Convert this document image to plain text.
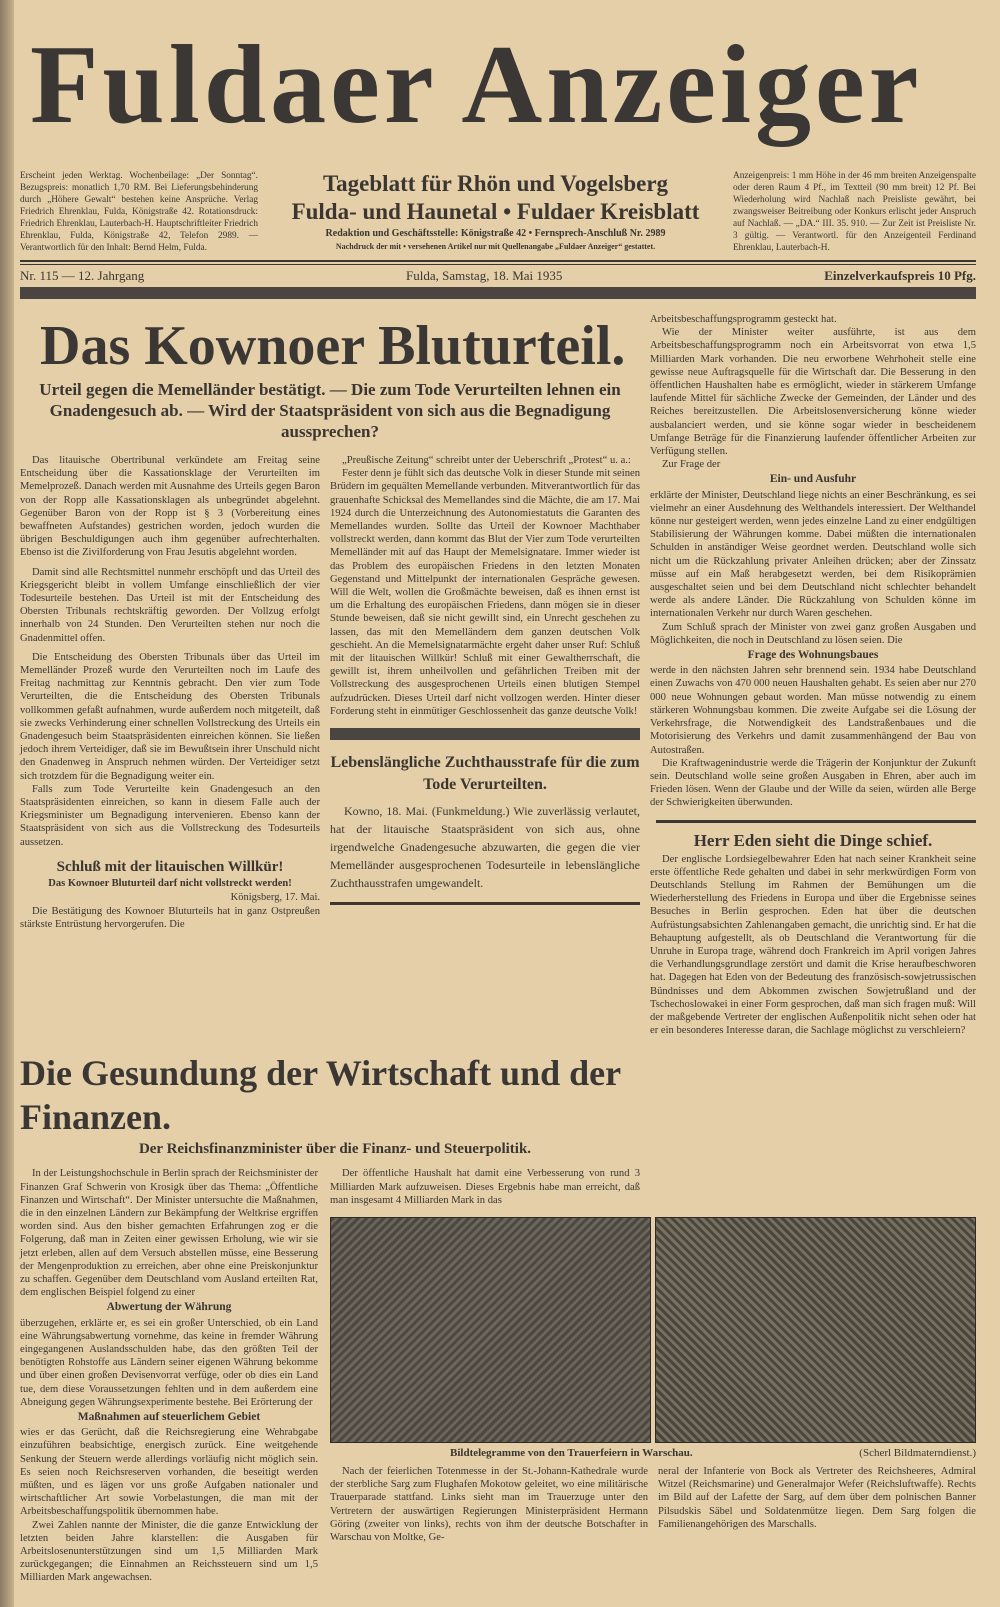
Fuldaer Anzeiger
Erscheint jeden Werktag. Wochenbeilage: „Der Sonntag“. Bezugspreis: monatlich 1,70 RM. Bei Lieferungsbehinderung durch „Höhere Gewalt“ bestehen keine Ansprüche. Verlag Friedrich Ehrenklau, Fulda, Königstraße 42. Rotationsdruck: Friedrich Ehrenklau, Lauterbach-H. Hauptschriftleiter Friedrich Ehrenklau, Fulda, Königstraße 42, Telefon 2989. — Verantwortlich für den Inhalt: Bernd Helm, Fulda.
Tageblatt für Rhön und Vogelsberg
Fulda- und Haunetal • Fuldaer Kreisblatt
Redaktion und Geschäftsstelle: Königstraße 42 • Fernsprech-Anschluß Nr. 2989
Nachdruck der mit • versehenen Artikel nur mit Quellenangabe „Fuldaer Anzeiger“ gestattet.
Anzeigenpreis: 1 mm Höhe in der 46 mm breiten Anzeigenspalte oder deren Raum 4 Pf., im Textteil (90 mm breit) 12 Pf. Bei Wiederholung wird Nachlaß nach Preisliste gewährt, bei zwangsweiser Beitreibung oder Konkurs erlischt jeder Anspruch auf Nachlaß. — „DA.“ III. 35. 910. — Zur Zeit ist Preisliste Nr. 3 gültig. — Verantwortl. für den Anzeigenteil Ferdinand Ehrenklau, Lauterbach-H.
Nr. 115 — 12. Jahrgang	Fulda, Samstag, 18. Mai 1935	Einzelverkaufspreis 10 Pfg.
Das Kownoer Bluturteil.
Urteil gegen die Memelländer bestätigt. — Die zum Tode Verurteilten lehnen ein Gnadengesuch ab. — Wird der Staatspräsident von sich aus die Begnadigung aussprechen?

Das litauische Obertribunal verkündete am Freitag seine Entscheidung über die Kassationsklage der Verurteilten im Memelprozeß. Danach werden mit Ausnahme des Urteils gegen Baron von der Ropp alle Kassationsklagen als unbegründet abgelehnt. Gegenüber Baron von der Ropp ist § 3 (Vorbereitung eines bewaffneten Aufstandes) gestrichen worden, jedoch wurden die übrigen Beschuldigungen auch ihm gegenüber aufrechterhalten. Ebenso ist die Zivilforderung von Frau Jesutis abgelehnt worden.

Damit sind alle Rechtsmittel nunmehr erschöpft und das Urteil des Kriegsgericht bleibt in vollem Umfange einschließlich der vier Todesurteile bestehen. Das Urteil ist mit der Entscheidung des Obersten Tribunals rechtskräftig geworden. Der Vollzug erfolgt innerhalb von 24 Stunden. Den Verurteilten stehen nur noch die Gnadenmittel offen.

Die Entscheidung des Obersten Tribunals über das Urteil im Memelländer Prozeß wurde den Verurteilten noch im Laufe des Freitag nachmittag zur Kenntnis gebracht. Den vier zum Tode Verurteilten, die die Entscheidung des Obersten Tribunals vollkommen gefaßt aufnahmen, wurde außerdem noch mitgeteilt, daß sie zwecks Verhinderung einer schnellen Vollstreckung des Urteils ein Gnadengesuch beim Staatspräsidenten einreichen können. Sie ließen jedoch ihrem Verteidiger, daß sie im Bewußtsein ihrer Unschuld nicht den Gnadenweg in Anspruch nehmen würden. Der Verteidiger setzt sich trotzdem für die Begnadigung weiter ein.

Falls zum Tode Verurteilte kein Gnadengesuch an den Staatspräsidenten einreichen, so kann in diesem Falle auch der Kriegsminister um Begnadigung intervenieren. Ebenso kann der Staatspräsident von sich aus die Vollstreckung des Todesurteils aussetzen.

Schluß mit der litauischen Willkür!
Das Kownoer Bluturteil darf nicht vollstreckt werden!
Königsberg, 17. Mai.
Die Bestätigung des Kownoer Bluturteils hat in ganz Ostpreußen stärkste Entrüstung hervorgerufen. Die

„Preußische Zeitung“ schreibt unter der Ueberschrift „Protest“ u. a.:

Fester denn je fühlt sich das deutsche Volk in dieser Stunde mit seinen Brüdern im gequälten Memellande verbunden. Mitverantwortlich für das grauenhafte Schicksal des Memellandes sind die Mächte, die am 17. Mai 1924 durch die Unterzeichnung des Autonomiestatuts die Garanten des Memellandes wurden. Sollte das Urteil der Kownoer Machthaber vollstreckt werden, dann kommt das Blut der Vier zum Tode verurteilten Memelländer mit auf das Haupt der Memelsignatare. Immer wieder ist das Problem des europäischen Friedens in den letzten Monaten Gegenstand und Mittelpunkt der internationalen Gespräche gewesen. Will die Welt, wollen die Großmächte beweisen, daß es ihnen ernst ist um die Erhaltung des europäischen Friedens, dann mögen sie in dieser Stunde beweisen, daß sie nicht gewillt sind, ein Unrecht geschehen zu lassen, das mit den Memelländern dem ganzen deutschen Volk geschieht. An die Memelsignatarmächte ergeht daher unser Ruf: Schluß mit der litauischen Willkür! Schluß mit einer Gewaltherrschaft, die gewillt ist, ihrem unheilvollen und gefährlichen Treiben mit der Vollstreckung des ausgesprochenen Urteils einen blutigen Stempel aufzudrücken. Dieses Urteil darf nicht vollzogen werden. Hinter dieser Forderung steht in einmütiger Geschlossenheit das ganze deutsche Volk!

Lebenslängliche Zuchthausstrafe für die zum Tode Verurteilten.
Kowno, 18. Mai. (Funkmeldung.) Wie zuverlässig verlautet, hat der litauische Staatspräsident von sich aus, ohne irgendwelche Gnadengesuche abzuwarten, die gegen die vier Memelländer ausgesprochenen Todesurteile in lebenslängliche Zuchthausstrafen umgewandelt.
Arbeitsbeschaffungsprogramm gesteckt hat.

Wie der Minister weiter ausführte, ist aus dem Arbeitsbeschaffungsprogramm noch ein Arbeitsvorrat von etwa 1,5 Milliarden Mark vorhanden. Die neu erworbene Wehrhoheit stelle eine gewisse neue Auftragsquelle für die Wirtschaft dar. Die Besserung in den öffentlichen Haushalten habe es ermöglicht, wieder in stärkerem Umfange laufende Mittel für sächliche Zwecke der Gemeinden, der Länder und des Reiches bereitzustellen. Die Arbeitslosenversicherung könne wieder ausbalanciert werden, und sie könne sogar wieder in bescheidenem Umfange Beträge für die Finanzierung laufender öffentlicher Arbeiten zur Verfügung stellen.

Zur Frage der

Ein- und Ausfuhr
erklärte der Minister, Deutschland liege nichts an einer Beschränkung, es sei vielmehr an einer Ausdehnung des Welthandels interessiert. Der Welthandel könne nur gesteigert werden, wenn jedes einzelne Land zu einer endgültigen Stabilisierung der Währungen komme. Dabei müßten die internationalen Schulden in anständiger Weise geordnet werden. Deutschland wolle sich nicht um die Rückzahlung privater Anleihen drücken; aber der Zinssatz müsse auf ein Maß herabgesetzt werden, bei dem Risikoprämien ausgeschaltet seien und bei dem Deutschland nicht schlechter behandelt werde als andere Länder. Die Rückzahlung von Schulden könne im internationalen Verkehr nur durch Waren geschehen.

Zum Schluß sprach der Minister von zwei ganz großen Ausgaben und Möglichkeiten, die noch in Deutschland zu lösen seien. Die

Frage des Wohnungsbaues
werde in den nächsten Jahren sehr brennend sein. 1934 habe Deutschland einen Zuwachs von 470 000 neuen Haushalten gehabt. Es seien aber nur 270 000 neue Wohnungen gebaut worden. Man müsse notwendig zu einem stärkeren Wohnungsbau kommen. Die zweite Aufgabe sei die Lösung der Verkehrsfrage, die Notwendigkeit des Landstraßenbaues und die Motorisierung des Verkehrs und damit zusammenhängend der Bau von Autostraßen.

Die Kraftwagenindustrie werde die Trägerin der Konjunktur der Zukunft sein. Deutschland wolle seine großen Ausgaben in Ehren, aber auch im Frieden lösen. Wenn der Glaube und der Wille da seien, würden alle Berge der Schwierigkeiten überwunden.

Herr Eden sieht die Dinge schief.

Der englische Lordsiegelbewahrer Eden hat nach seiner Krankheit seine erste öffentliche Rede gehalten und dabei in sehr merkwürdigen Form von Deutschlands Stellung im Rahmen der Bemühungen um die Wiederherstellung des Friedens in Europa und über die Ergebnisse seines Besuches in Berlin gesprochen. Eden hat über die deutschen Aufrüstungsabsichten Zahlenangaben gemacht, die unrichtig sind. Er hat die Behauptung aufgestellt, als ob Deutschland die Verantwortung für die Unruhe in Europa trage, während doch Frankreich im April vorigen Jahres die Verhandlungsgrundlage zerstört und damit die Krise heraufbeschworen hat. Dagegen hat Eden von der Bedeutung des französisch-sowjetrussischen Bündnisses und dem Abkommen zwischen Sowjetrußland und der Tschechoslowakei in einer Form gesprochen, daß man sich fragen muß: Will der maßgebende Vertreter der englischen Außenpolitik nicht sehen oder hat er ein besonderes Interesse daran, die Sachlage möglichst zu verschleiern?

Die Gesundung der Wirtschaft und der Finanzen.
Der Reichsfinanzminister über die Finanz- und Steuerpolitik.

In der Leistungshochschule in Berlin sprach der Reichsminister der Finanzen Graf Schwerin von Krosigk über das Thema: „Öffentliche Finanzen und Wirtschaft“. Der Minister untersuchte die Maßnahmen, die in den einzelnen Ländern zur Bekämpfung der Weltkrise ergriffen worden sind. Aus den bisher gemachten Erfahrungen zog er die Folgerung, daß man in Zeiten einer gewissen Erholung, wie wir sie jetzt erleben, allen auf dem Versuch abstellen müsse, eine Besserung der Mengenproduktion zu erreichen, aber ohne eine Preiskonjunktur zu schaffen. Gegenüber dem Deutschland vom Ausland erteilten Rat, dem englischen Beispiel folgend zu einer

Abwertung der Währung
überzugehen, erklärte er, es sei ein großer Unterschied, ob ein Land eine Währungsabwertung vornehme, das keine in fremder Währung eingegangenen Auslandsschulden habe, das den größten Teil der benötigten Rohstoffe aus Ländern seiner eigenen Währung bekomme und über einen großen Devisenvorrat verfüge, oder ob dies ein Land tue, dem diese Voraussetzungen fehlten und in dem außerdem eine Abneigung gegen Währungsexperimente bestehe. Bei Erörterung der
Maßnahmen auf steuerlichem Gebiet
wies er das Gerücht, daß die Reichsregierung eine Wehrabgabe einzuführen beabsichtige, energisch zurück. Eine weitgehende Senkung der Steuern werde allerdings vorläufig nicht möglich sein. Es seien noch Reichsreserven vorhanden, die beseitigt werden müßten, und es lägen vor uns große Aufgaben nationaler und wirtschaftlicher Art sowie Vorbelastungen, die man mit der Arbeitsbeschaffungspolitik übernommen habe.

Zwei Zahlen nannte der Minister, die die ganze Entwicklung der letzten beiden Jahre klarstellen: die Ausgaben für Arbeitslosenunterstützungen sind um 1,5 Milliarden Mark zurückgegangen; die Einnahmen an Reichssteuern sind um 1,5 Milliarden Mark angewachsen.

Der öffentliche Haushalt hat damit eine Verbesserung von rund 3 Milliarden Mark aufzuweisen. Dieses Ergebnis habe man erreicht, daß man insgesamt 4 Milliarden Mark in das

Bildtelegramme von den Trauerfeiern in Warschau.	(Scherl Bildmaterndienst.)

Nach der feierlichen Totenmesse in der St.-Johann-Kathedrale wurde der sterbliche Sarg zum Flughafen Mokotow geleitet, wo eine militärische Trauerparade stattfand. Links sieht man im Trauerzuge unter den Vertretern der auswärtigen Regierungen Ministerpräsident Hermann Göring (zweiter von links), rechts von ihm der deutsche Botschafter in Warschau von Moltke, Ge-

neral der Infanterie von Bock als Vertreter des Reichsheeres, Admiral Witzel (Reichsmarine) und Generalmajor Wefer (Reichsluftwaffe). Rechts im Bild auf der Lafette der Sarg, auf dem über dem polnischen Banner Pilsudskis Säbel und Soldatenmütze liegen. Dem Sarg folgen die Familienangehörigen des Marschalls.
